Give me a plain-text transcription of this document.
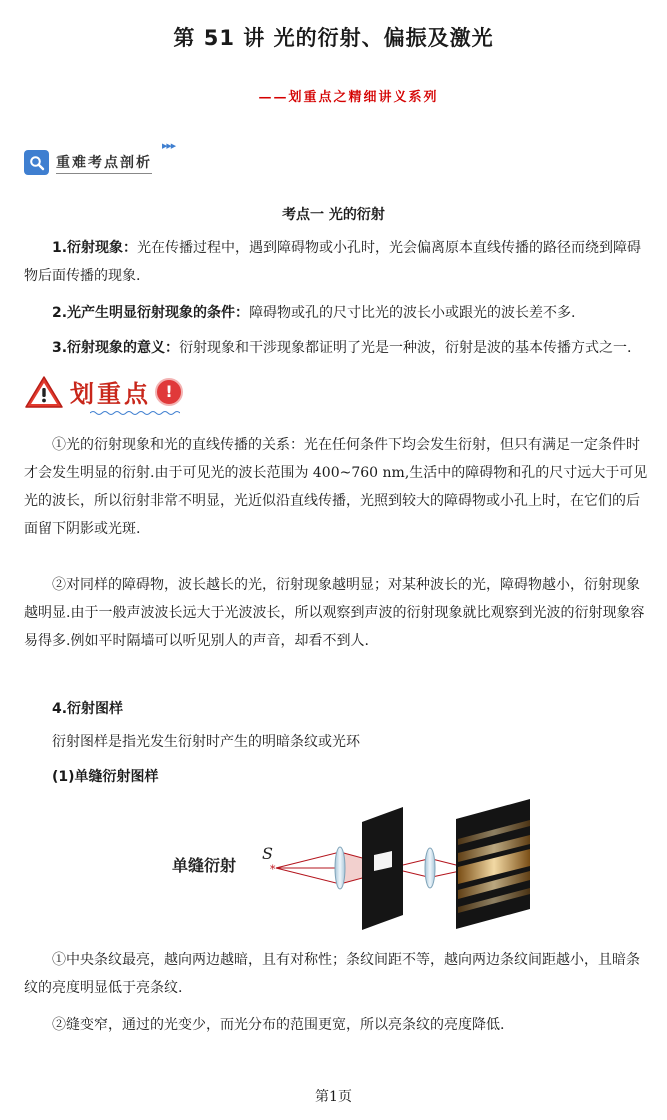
第 51 讲 光的衍射、偏振及激光
——划重点之精细讲义系列
重难考点剖析
▶▶▶
考点一 光的衍射

1.衍射现象：光在传播过程中，遇到障碍物或小孔时，光会偏离原本直线传播的路径而绕到障碍物后面传播的现象.

2.光产生明显衍射现象的条件：障碍物或孔的尺寸比光的波长小或跟光的波长差不多.

3.衍射现象的意义：衍射现象和干涉现象都证明了光是一种波，衍射是波的基本传播方式之一.

划重点 !

①光的衍射现象和光的直线传播的关系：光在任何条件下均会发生衍射，但只有满足一定条件时才会发生明显的衍射.由于可见光的波长范围为 400~760 nm,生活中的障碍物和孔的尺寸远大于可见光的波长，所以衍射非常不明显，光近似沿直线传播，光照到较大的障碍物或小孔上时，在它们的后面留下阴影或光斑.

②对同样的障碍物，波长越长的光，衍射现象越明显；对某种波长的光，障碍物越小，衍射现象越明显.由于一般声波波长远大于光波波长，所以观察到声波的衍射现象就比观察到光波的衍射现象容易得多.例如平时隔墙可以听见别人的声音，却看不到人.

4.衍射图样

衍射图样是指光发生衍射时产生的明暗条纹或光环

(1)单缝衍射图样

单缝衍射
S
*

①中央条纹最亮，越向两边越暗，且有对称性；条纹间距不等，越向两边条纹间距越小，且暗条纹的亮度明显低于亮条纹.

②缝变窄，通过的光变少，而光分布的范围更宽，所以亮条纹的亮度降低.

第1页
